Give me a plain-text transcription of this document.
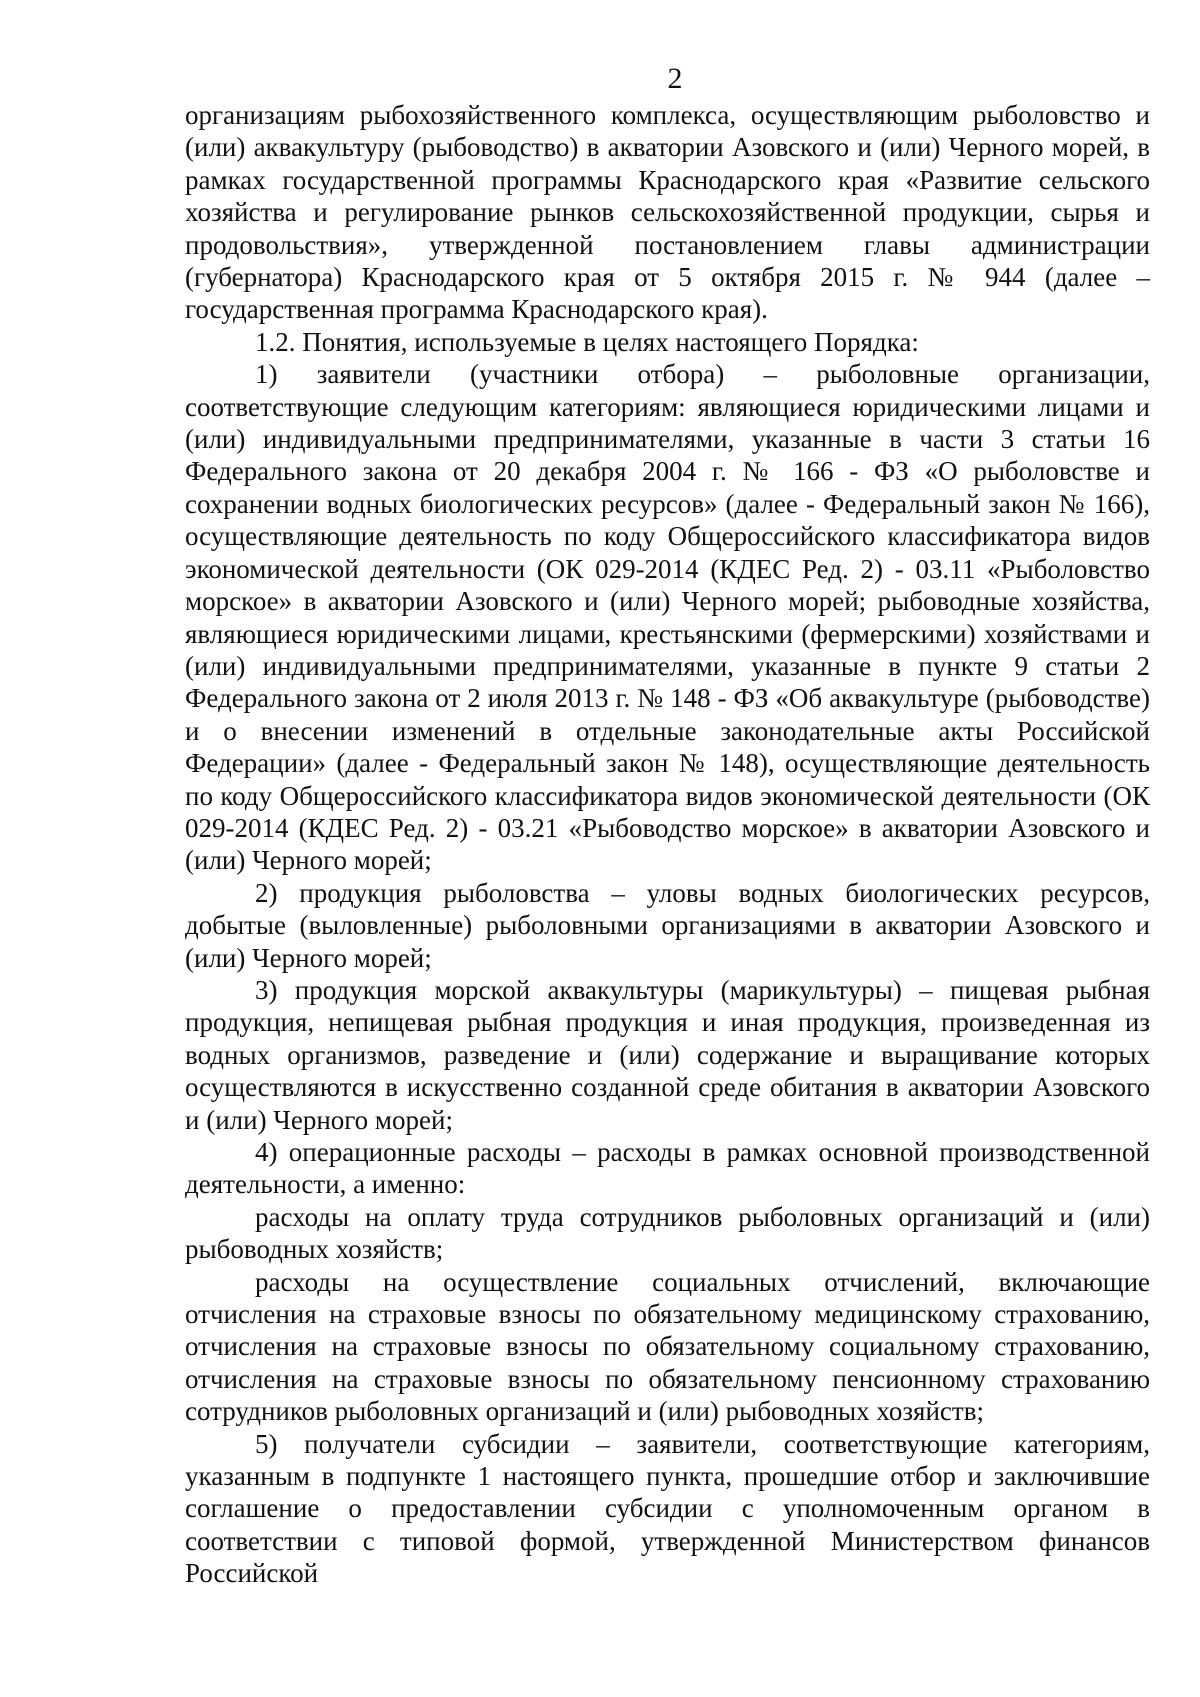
2

организациям рыбохозяйственного комплекса, осуществляющим рыболовство и (или) аквакультуру (рыбоводство) в акватории Азовского и (или) Черного морей, в рамках государственной программы Краснодарского края «Развитие сельского хозяйства и регулирование рынков сельскохозяйственной продукции, сырья и продовольствия», утвержденной постановлением главы администрации (губернатора) Краснодарского края от 5 октября 2015 г. № 944 (далее – государственная программа Краснодарского края).

1.2. Понятия, используемые в целях настоящего Порядка:

1) заявители (участники отбора) – рыболовные организации, соответствующие следующим категориям: являющиеся юридическими лицами и (или) индивидуальными предпринимателями, указанные в части 3 статьи 16 Федерального закона от 20 декабря 2004 г. № 166 - ФЗ «О рыболовстве и сохранении водных биологических ресурсов» (далее - Федеральный закон № 166), осуществляющие деятельность по коду Общероссийского классификатора видов экономической деятельности (ОК 029-2014 (КДЕС Ред. 2) - 03.11 «Рыболовство морское» в акватории Азовского и (или) Черного морей; рыбоводные хозяйства, являющиеся юридическими лицами, крестьянскими (фермерскими) хозяйствами и (или) индивидуальными предпринимателями, указанные в пункте 9 статьи 2 Федерального закона от 2 июля 2013 г. № 148 - ФЗ «Об аквакультуре (рыбоводстве) и о внесении изменений в отдельные законодательные акты Российской Федерации» (далее - Федеральный закон № 148), осуществляющие деятельность по коду Общероссийского классификатора видов экономической деятельности (ОК 029-2014 (КДЕС Ред. 2) - 03.21 «Рыбоводство морское» в акватории Азовского и (или) Черного морей;

2) продукция рыболовства – уловы водных биологических ресурсов, добытые (выловленные) рыболовными организациями в акватории Азовского и (или) Черного морей;

3) продукция морской аквакультуры (марикультуры) – пищевая рыбная продукция, непищевая рыбная продукция и иная продукция, произведенная из водных организмов, разведение и (или) содержание и выращивание которых осуществляются в искусственно созданной среде обитания в акватории Азовского и (или) Черного морей;

4) операционные расходы – расходы в рамках основной производственной деятельности, а именно:

расходы на оплату труда сотрудников рыболовных организаций и (или) рыбоводных хозяйств;

расходы на осуществление социальных отчислений, включающие отчисления на страховые взносы по обязательному медицинскому страхованию, отчисления на страховые взносы по обязательному социальному страхованию, отчисления на страховые взносы по обязательному пенсионному страхованию сотрудников рыболовных организаций и (или) рыбоводных хозяйств;

5) получатели субсидии – заявители, соответствующие категориям, указанным в подпункте 1 настоящего пункта, прошедшие отбор и заключившие соглашение о предоставлении субсидии с уполномоченным органом в соответствии с типовой формой, утвержденной Министерством финансов Российской
